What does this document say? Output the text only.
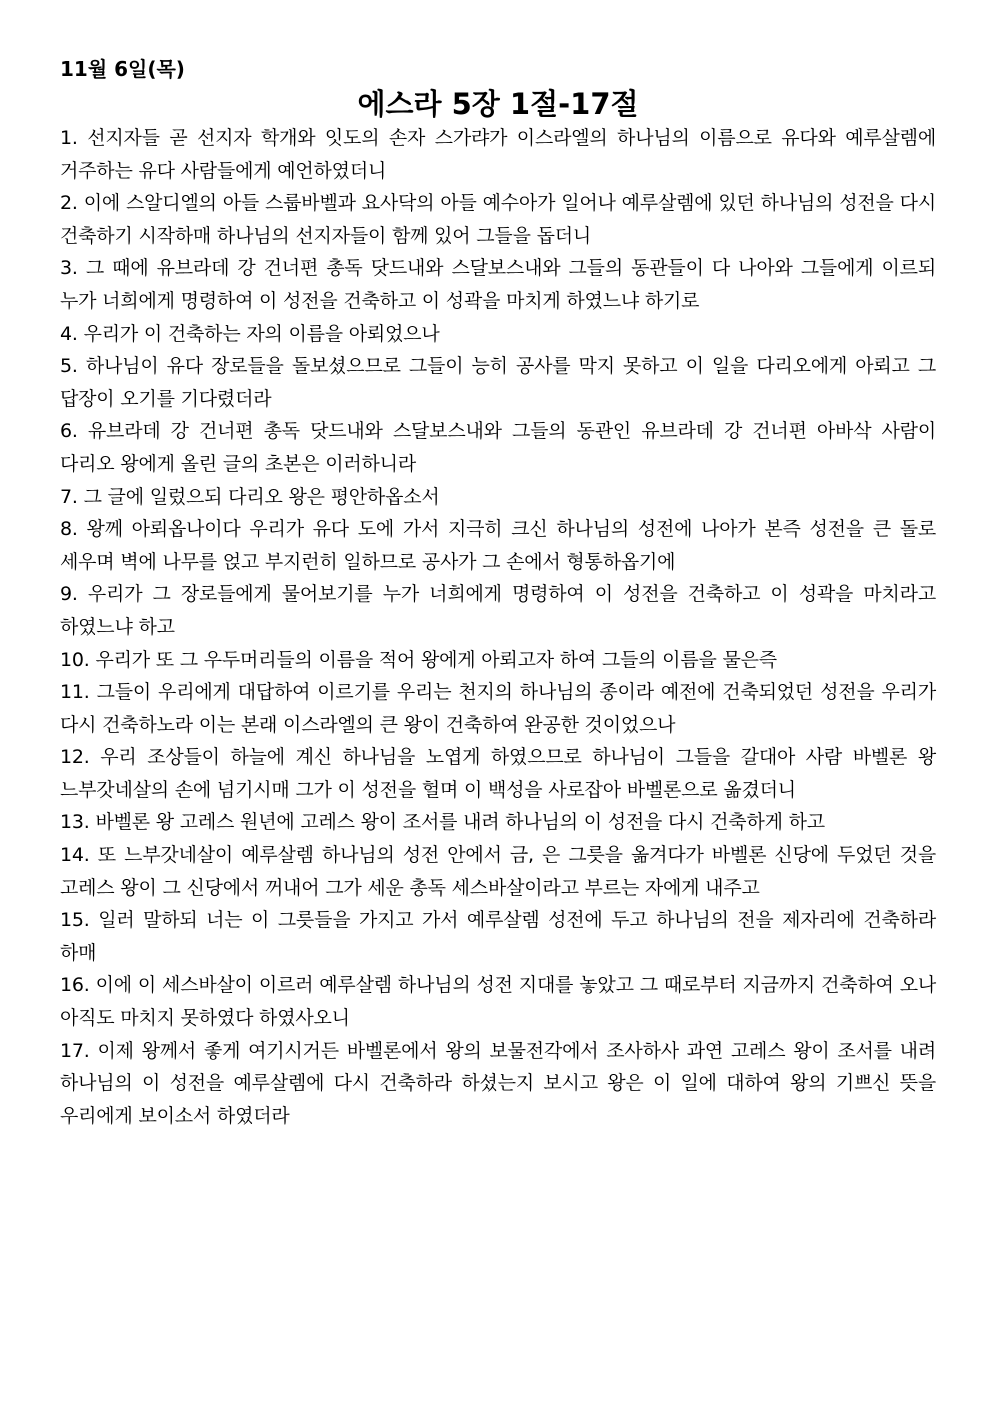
11월 6일(목)
에스라 5장 1절-17절
1. 선지자들 곧 선지자 학개와 잇도의 손자 스가랴가 이스라엘의 하나님의 이름으로 유다와 예루살렘에 거주하는 유다 사람들에게 예언하였더니
2. 이에 스알디엘의 아들 스룹바벨과 요사닥의 아들 예수아가 일어나 예루살렘에 있던 하나님의 성전을 다시 건축하기 시작하매 하나님의 선지자들이 함께 있어 그들을 돕더니
3. 그 때에 유브라데 강 건너편 총독 닷드내와 스달보스내와 그들의 동관들이 다 나아와 그들에게 이르되 누가 너희에게 명령하여 이 성전을 건축하고 이 성곽을 마치게 하였느냐 하기로
4. 우리가 이 건축하는 자의 이름을 아뢰었으나
5. 하나님이 유다 장로들을 돌보셨으므로 그들이 능히 공사를 막지 못하고 이 일을 다리오에게 아뢰고 그 답장이 오기를 기다렸더라
6. 유브라데 강 건너편 총독 닷드내와 스달보스내와 그들의 동관인 유브라데 강 건너편 아바삭 사람이 다리오 왕에게 올린 글의 초본은 이러하니라
7. 그 글에 일렀으되 다리오 왕은 평안하옵소서
8. 왕께 아뢰옵나이다 우리가 유다 도에 가서 지극히 크신 하나님의 성전에 나아가 본즉 성전을 큰 돌로 세우며 벽에 나무를 얹고 부지런히 일하므로 공사가 그 손에서 형통하옵기에
9. 우리가 그 장로들에게 물어보기를 누가 너희에게 명령하여 이 성전을 건축하고 이 성곽을 마치라고 하였느냐 하고
10. 우리가 또 그 우두머리들의 이름을 적어 왕에게 아뢰고자 하여 그들의 이름을 물은즉
11. 그들이 우리에게 대답하여 이르기를 우리는 천지의 하나님의 종이라 예전에 건축되었던 성전을 우리가 다시 건축하노라 이는 본래 이스라엘의 큰 왕이 건축하여 완공한 것이었으나
12. 우리 조상들이 하늘에 계신 하나님을 노엽게 하였으므로 하나님이 그들을 갈대아 사람 바벨론 왕 느부갓네살의 손에 넘기시매 그가 이 성전을 헐며 이 백성을 사로잡아 바벨론으로 옮겼더니
13. 바벨론 왕 고레스 원년에 고레스 왕이 조서를 내려 하나님의 이 성전을 다시 건축하게 하고
14. 또 느부갓네살이 예루살렘 하나님의 성전 안에서 금, 은 그릇을 옮겨다가 바벨론 신당에 두었던 것을 고레스 왕이 그 신당에서 꺼내어 그가 세운 총독 세스바살이라고 부르는 자에게 내주고
15. 일러 말하되 너는 이 그릇들을 가지고 가서 예루살렘 성전에 두고 하나님의 전을 제자리에 건축하라 하매
16. 이에 이 세스바살이 이르러 예루살렘 하나님의 성전 지대를 놓았고 그 때로부터 지금까지 건축하여 오나 아직도 마치지 못하였다 하였사오니
17. 이제 왕께서 좋게 여기시거든 바벨론에서 왕의 보물전각에서 조사하사 과연 고레스 왕이 조서를 내려 하나님의 이 성전을 예루살렘에 다시 건축하라 하셨는지 보시고 왕은 이 일에 대하여 왕의 기쁘신 뜻을 우리에게 보이소서 하였더라
